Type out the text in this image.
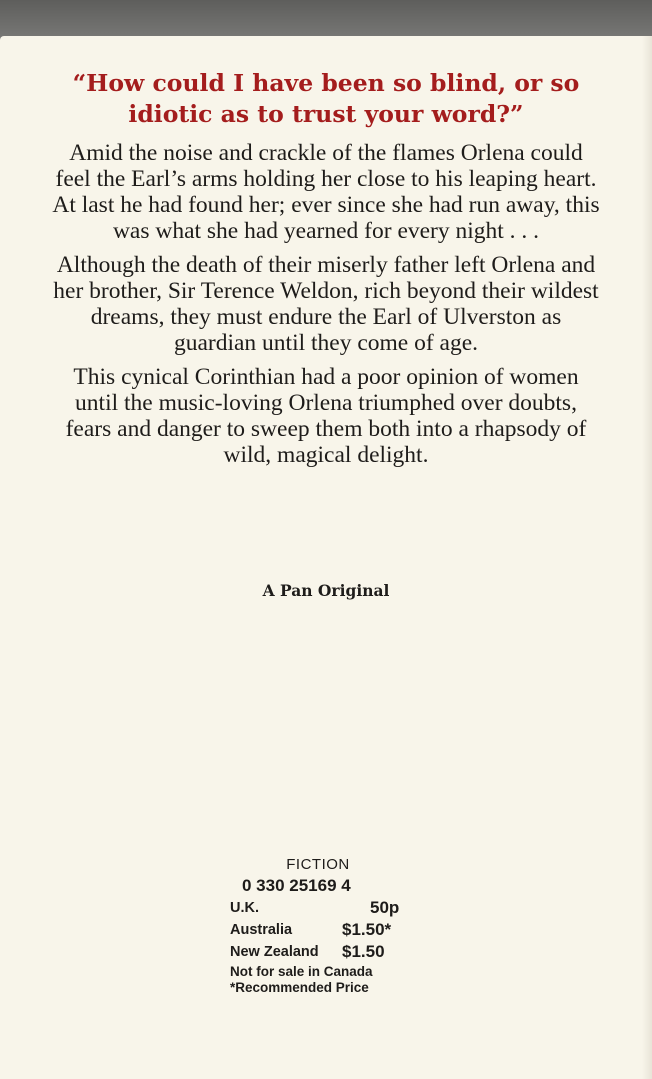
“How could I have been so blind, or so
idiotic as to trust your word?”

Amid the noise and crackle of the flames Orlena could feel the Earl’s arms holding her close to his leaping heart. At last he had found her; ever since she had run away, this was what she had yearned for every night . . .

Although the death of their miserly father left Orlena and her brother, Sir Terence Weldon, rich beyond their wildest dreams, they must endure the Earl of Ulverston as guardian until they come of age.

This cynical Corinthian had a poor opinion of women until the music-loving Orlena triumphed over doubts, fears and danger to sweep them both into a rhapsody of wild, magical delight.

A Pan Original
FICTION
0 330 25169 4
U.K.	50p
Australia	$1.50*
New Zealand	$1.50
Not for sale in Canada
*Recommended Price
